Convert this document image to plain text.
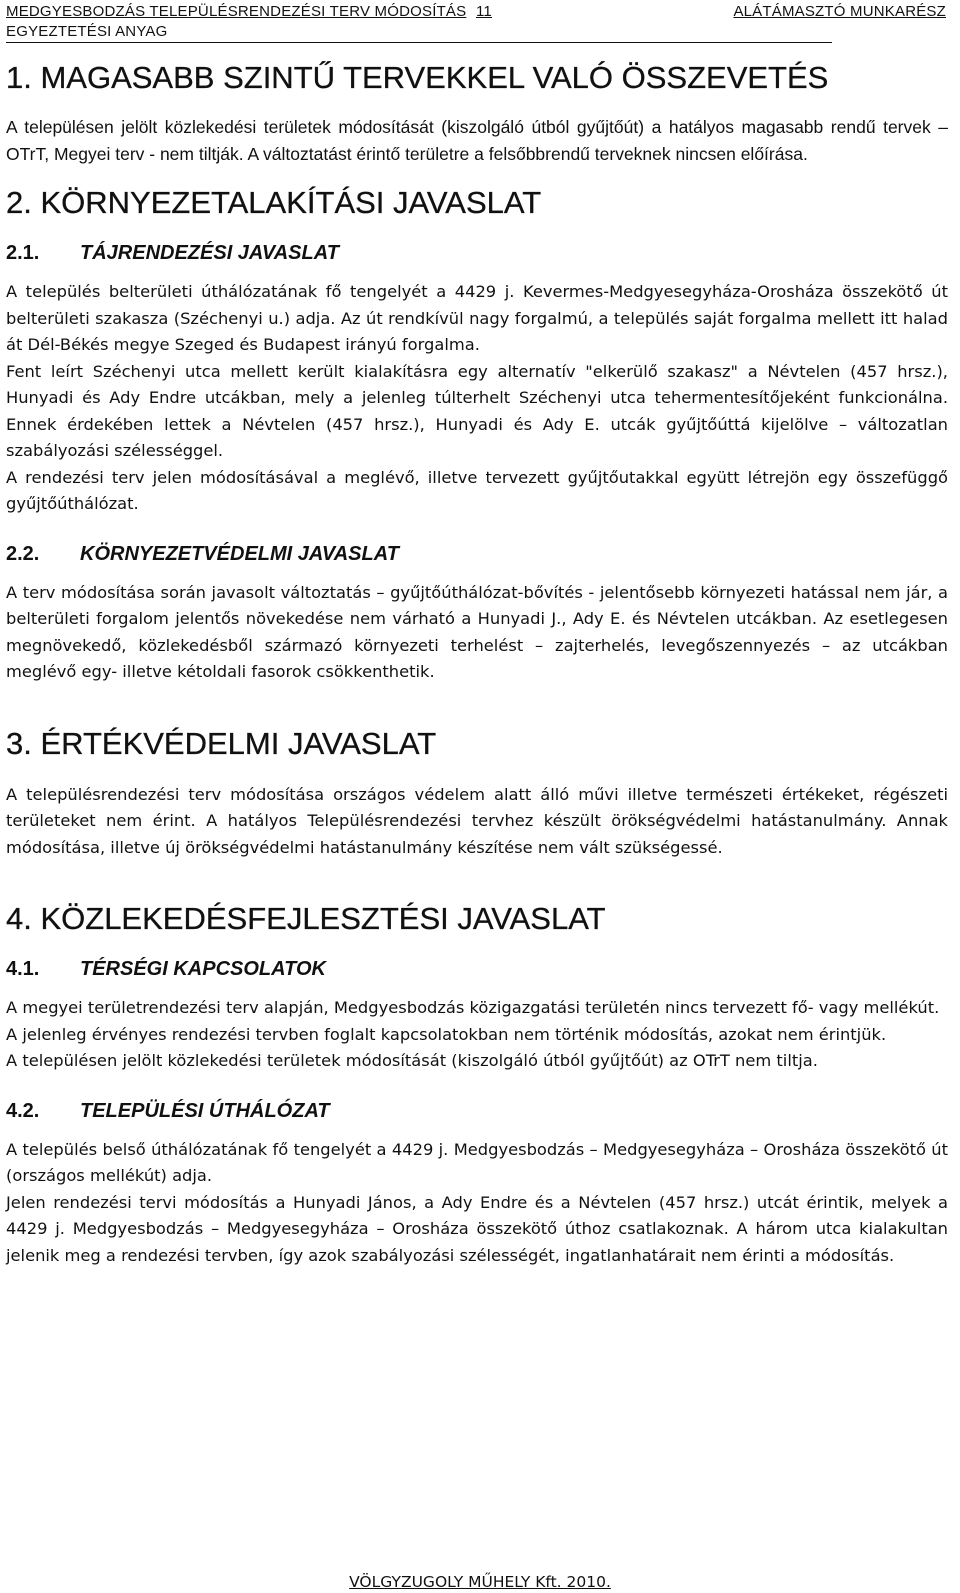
MEDGYESBODZÁS TELEPÜLÉSRENDEZÉSI TERV MÓDOSÍTÁS 11	ALÁTÁMASZTÓ MUNKARÉSZ
EGYEZTETÉSI ANYAG
1. MAGASABB SZINTŰ TERVEKKEL VALÓ ÖSSZEVETÉS

A településen jelölt közlekedési területek módosítását (kiszolgáló útból gyűjtőút) a hatályos magasabb rendű tervek – OTrT, Megyei terv - nem tiltják. A változtatást érintő területre a felsőbbrendű terveknek nincsen előírása.

2. KÖRNYEZETALAKÍTÁSI JAVASLAT
2.1. TÁJRENDEZÉSI JAVASLAT

A település belterületi úthálózatának fő tengelyét a 4429 j. Kevermes-Medgyesegyháza-Orosháza összekötő út belterületi szakasza (Széchenyi u.) adja. Az út rendkívül nagy forgalmú, a település saját forgalma mellett itt halad át Dél-Békés megye Szeged és Budapest irányú forgalma.

Fent leírt Széchenyi utca mellett került kialakításra egy alternatív "elkerülő szakasz" a Névtelen (457 hrsz.), Hunyadi és Ady Endre utcákban, mely a jelenleg túlterhelt Széchenyi utca tehermentesítőjeként funkcionálna. Ennek érdekében lettek a Névtelen (457 hrsz.), Hunyadi és Ady E. utcák gyűjtőúttá kijelölve – változatlan szabályozási szélességgel.

A rendezési terv jelen módosításával a meglévő, illetve tervezett gyűjtőutakkal együtt létrejön egy összefüggő gyűjtőúthálózat.

2.2. KÖRNYEZETVÉDELMI JAVASLAT

A terv módosítása során javasolt változtatás – gyűjtőúthálózat-bővítés - jelentősebb környezeti hatással nem jár, a belterületi forgalom jelentős növekedése nem várható a Hunyadi J., Ady E. és Névtelen utcákban. Az esetlegesen megnövekedő, közlekedésből származó környezeti terhelést – zajterhelés, levegőszennyezés – az utcákban meglévő egy- illetve kétoldali fasorok csökkenthetik.

3. ÉRTÉKVÉDELMI JAVASLAT

A településrendezési terv módosítása országos védelem alatt álló művi illetve természeti értékeket, régészeti területeket nem érint. A hatályos Településrendezési tervhez készült örökségvédelmi hatástanulmány. Annak módosítása, illetve új örökségvédelmi hatástanulmány készítése nem vált szükségessé.

4. KÖZLEKEDÉSFEJLESZTÉSI JAVASLAT
4.1. TÉRSÉGI KAPCSOLATOK

A megyei területrendezési terv alapján, Medgyesbodzás közigazgatási területén nincs tervezett fő- vagy mellékút.

A jelenleg érvényes rendezési tervben foglalt kapcsolatokban nem történik módosítás, azokat nem érintjük.

A településen jelölt közlekedési területek módosítását (kiszolgáló útból gyűjtőút) az OTrT nem tiltja.

4.2. TELEPÜLÉSI ÚTHÁLÓZAT

A település belső úthálózatának fő tengelyét a 4429 j. Medgyesbodzás – Medgyesegyháza – Orosháza összekötő út (országos mellékút) adja.

Jelen rendezési tervi módosítás a Hunyadi János, a Ady Endre és a Névtelen (457 hrsz.) utcát érintik, melyek a 4429 j. Medgyesbodzás – Medgyesegyháza – Orosháza összekötő úthoz csatlakoznak. A három utca kialakultan jelenik meg a rendezési tervben, így azok szabályozási szélességét, ingatlanhatárait nem érinti a módosítás.

VÖLGYZUGOLY MŰHELY Kft. 2010.
